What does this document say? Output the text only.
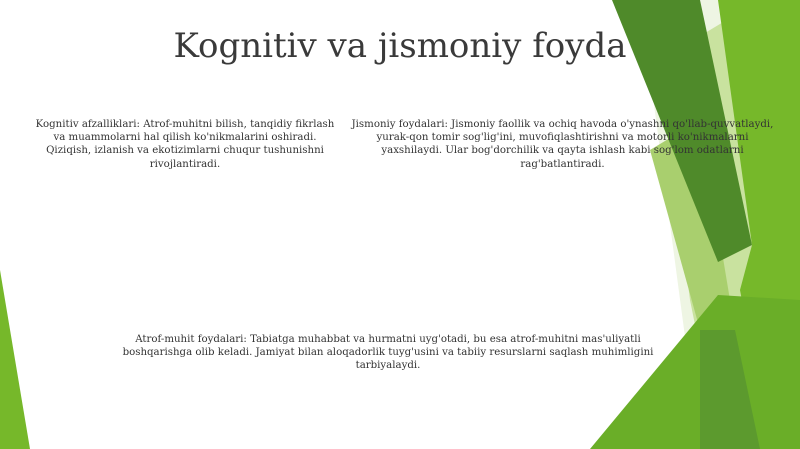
Kognitiv va jismoniy foyda
Kognitiv afzalliklari: Atrof-muhitni bilish, tanqidiy fikrlash va muammolarni hal qilish ko'nikmalarini oshiradi. Qiziqish, izlanish va ekotizimlarni chuqur tushunishni rivojlantiradi.
Jismoniy foydalari: Jismoniy faollik va ochiq havoda o'ynashni qo'llab-quvvatlaydi, yurak-qon tomir sog'lig'ini, muvofiqlashtirishni va motorli ko'nikmalarni yaxshilaydi. Ular bog'dorchilik va qayta ishlash kabi sog'lom odatlarni rag'batlantiradi.
Atrof-muhit foydalari: Tabiatga muhabbat va hurmatni uyg'otadi, bu esa atrof-muhitni mas'uliyatli boshqarishga olib keladi. Jamiyat bilan aloqadorlik tuyg'usini va tabiiy resurslarni saqlash muhimligini tarbiyalaydi.
